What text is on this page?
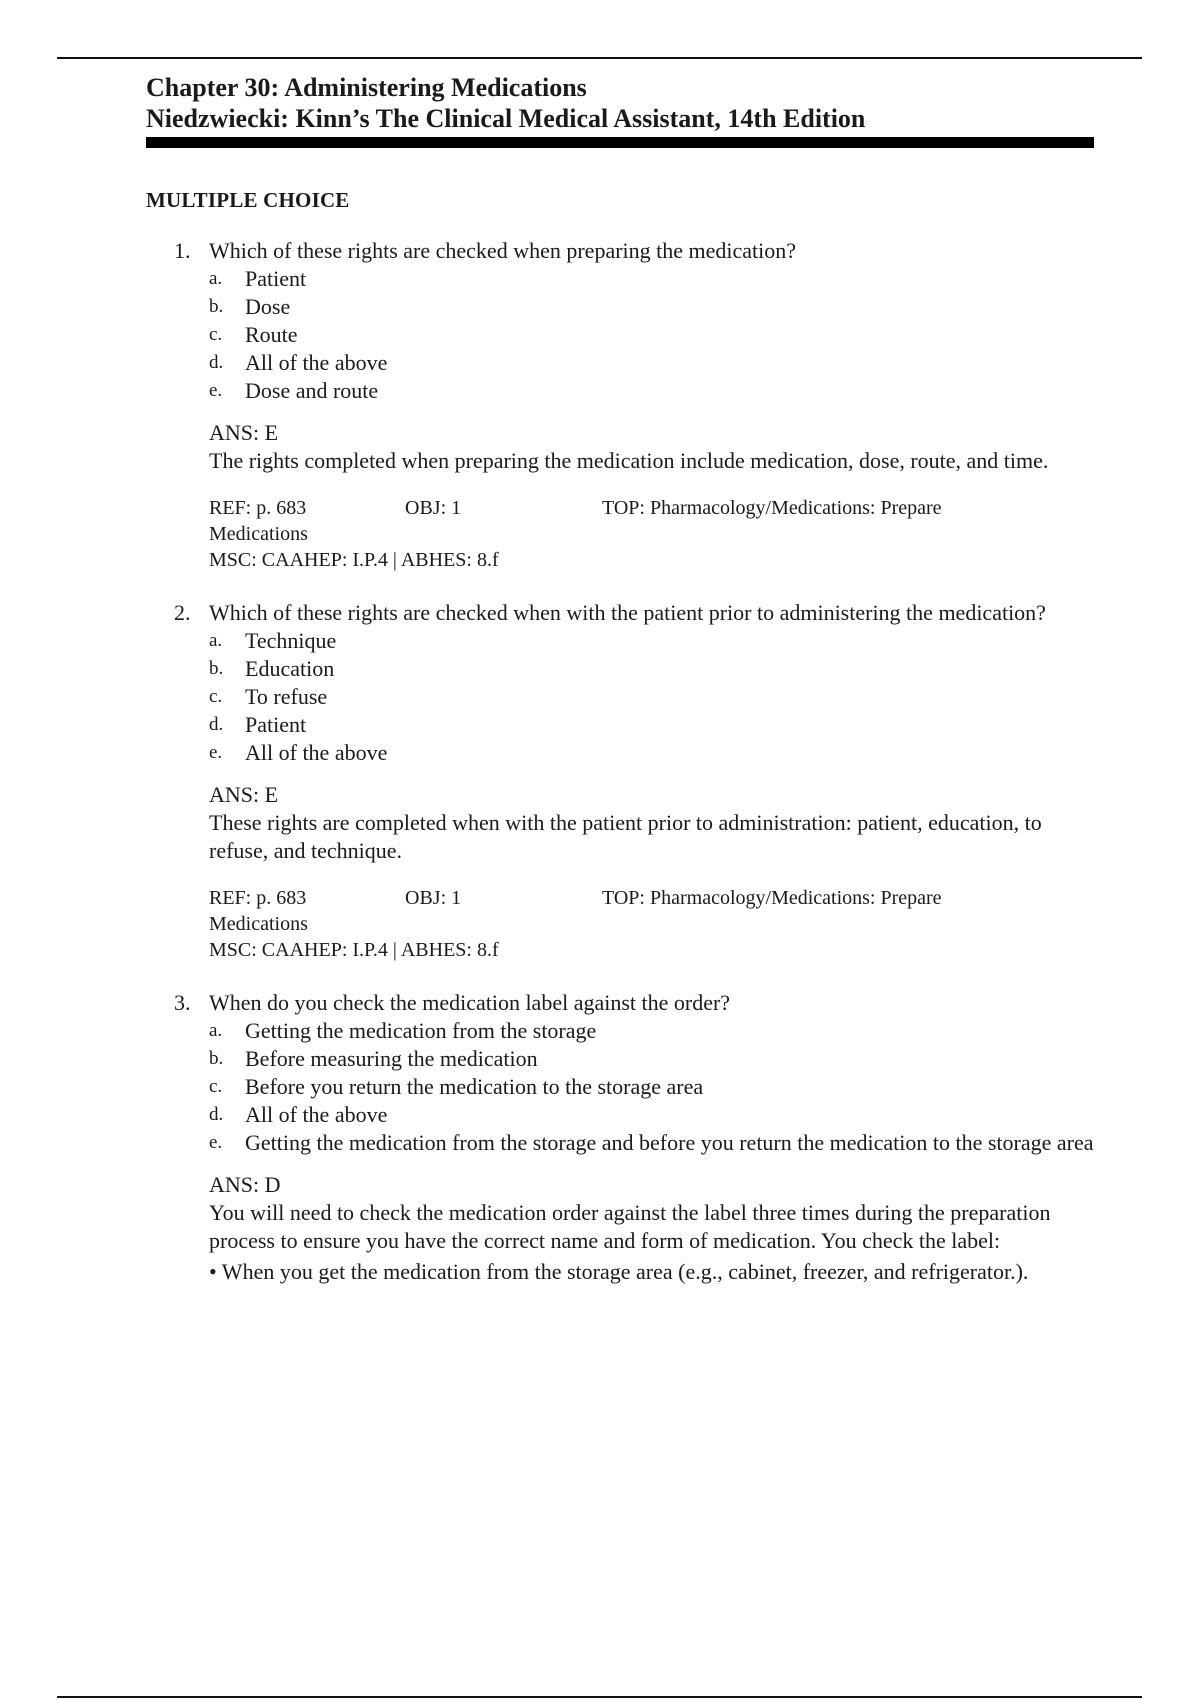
Chapter 30: Administering Medications
Niedzwiecki: Kinn’s The Clinical Medical Assistant, 14th Edition
MULTIPLE CHOICE
1. Which of these rights are checked when preparing the medication?
a. Patient
b. Dose
c. Route
d. All of the above
e. Dose and route
ANS: E
The rights completed when preparing the medication include medication, dose, route, and time.
REF: p. 683	OBJ: 1	TOP: Pharmacology/Medications: Prepare
Medications
MSC: CAAHEP: I.P.4 | ABHES: 8.f
2. Which of these rights are checked when with the patient prior to administering the medication?
a. Technique
b. Education
c. To refuse
d. Patient
e. All of the above
ANS: E
These rights are completed when with the patient prior to administration: patient, education, to refuse, and technique.
REF: p. 683	OBJ: 1	TOP: Pharmacology/Medications: Prepare
Medications
MSC: CAAHEP: I.P.4 | ABHES: 8.f
3. When do you check the medication label against the order?
a. Getting the medication from the storage
b. Before measuring the medication
c. Before you return the medication to the storage area
d. All of the above
e. Getting the medication from the storage and before you return the medication to the storage area
ANS: D
You will need to check the medication order against the label three times during the preparation process to ensure you have the correct name and form of medication. You check the label:
• When you get the medication from the storage area (e.g., cabinet, freezer, and refrigerator.).
